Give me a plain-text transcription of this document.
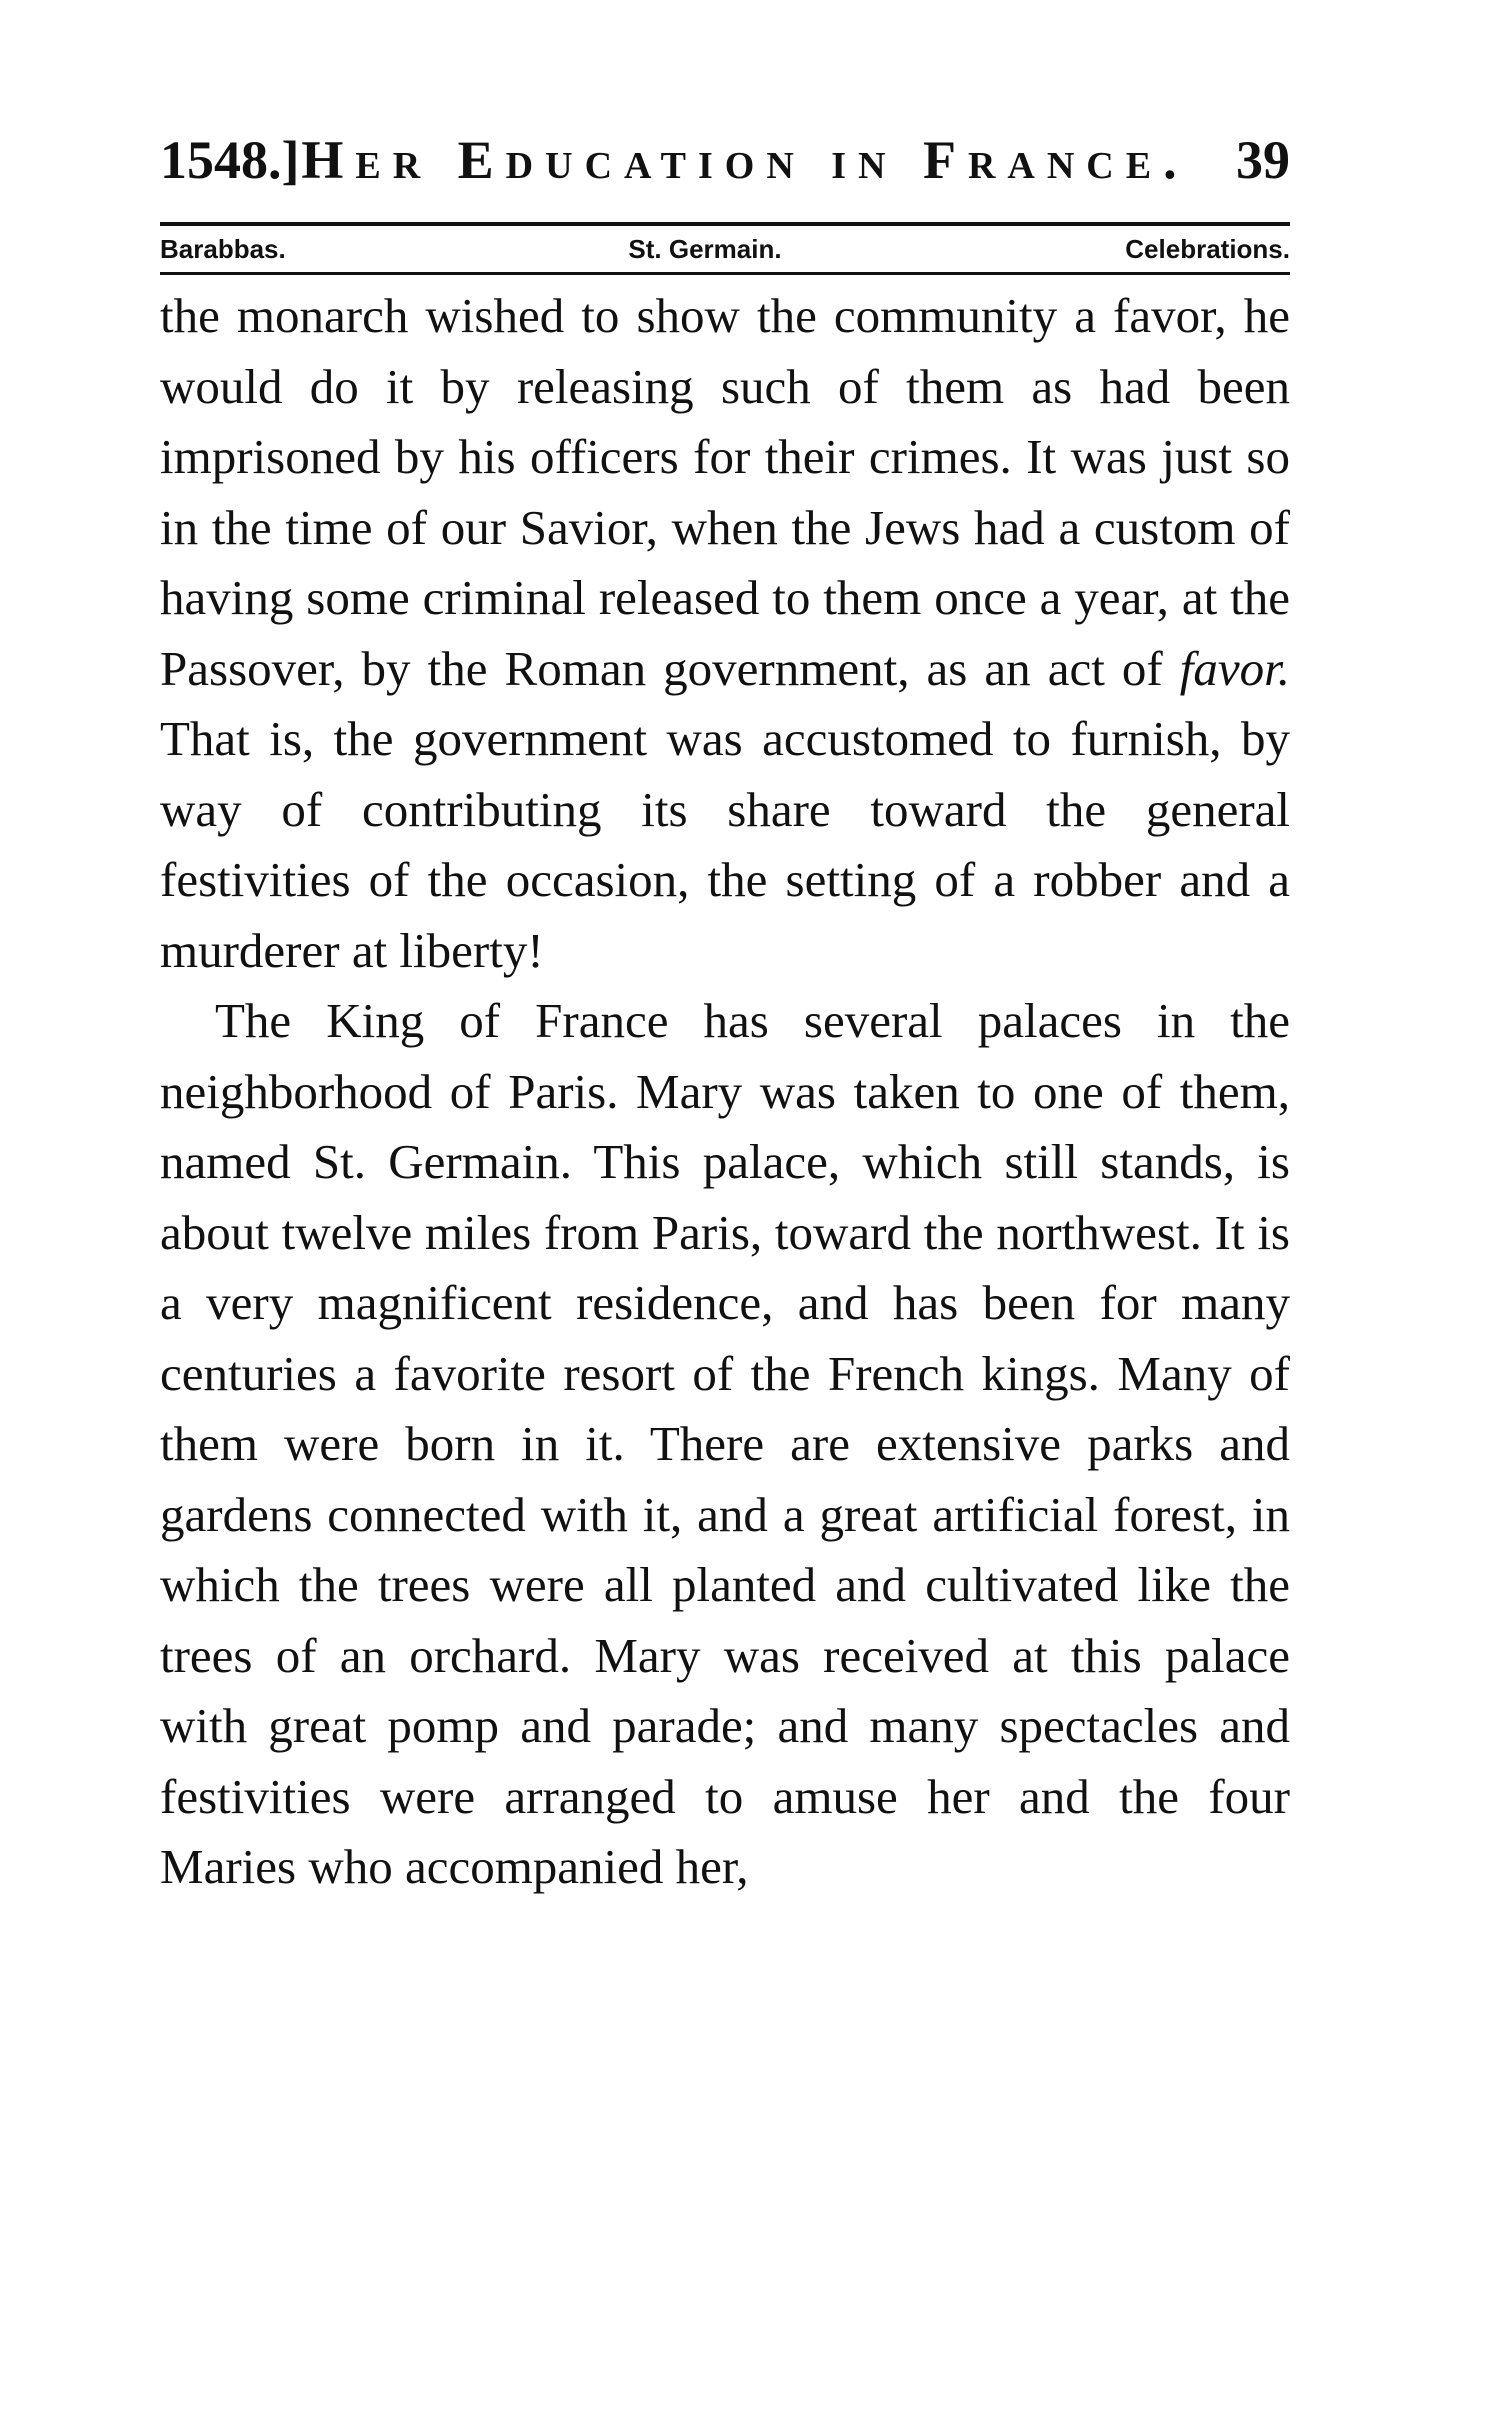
1548.] Her Education in France. 39
Barabbas.	St. Germain.	Celebrations.

the monarch wished to show the community a favor, he would do it by releasing such of them as had been imprisoned by his officers for their crimes. It was just so in the time of our Savior, when the Jews had a custom of having some criminal released to them once a year, at the Passover, by the Roman government, as an act of favor. That is, the government was accustomed to furnish, by way of contributing its share toward the general festivities of the occasion, the setting of a robber and a murderer at liberty!

The King of France has several palaces in the neighborhood of Paris. Mary was taken to one of them, named St. Germain. This palace, which still stands, is about twelve miles from Paris, toward the northwest. It is a very magnificent residence, and has been for many centuries a favorite resort of the French kings. Many of them were born in it. There are extensive parks and gardens connected with it, and a great artificial forest, in which the trees were all planted and cultivated like the trees of an orchard. Mary was received at this palace with great pomp and parade; and many spectacles and festivities were arranged to amuse her and the four Maries who accompanied her,
